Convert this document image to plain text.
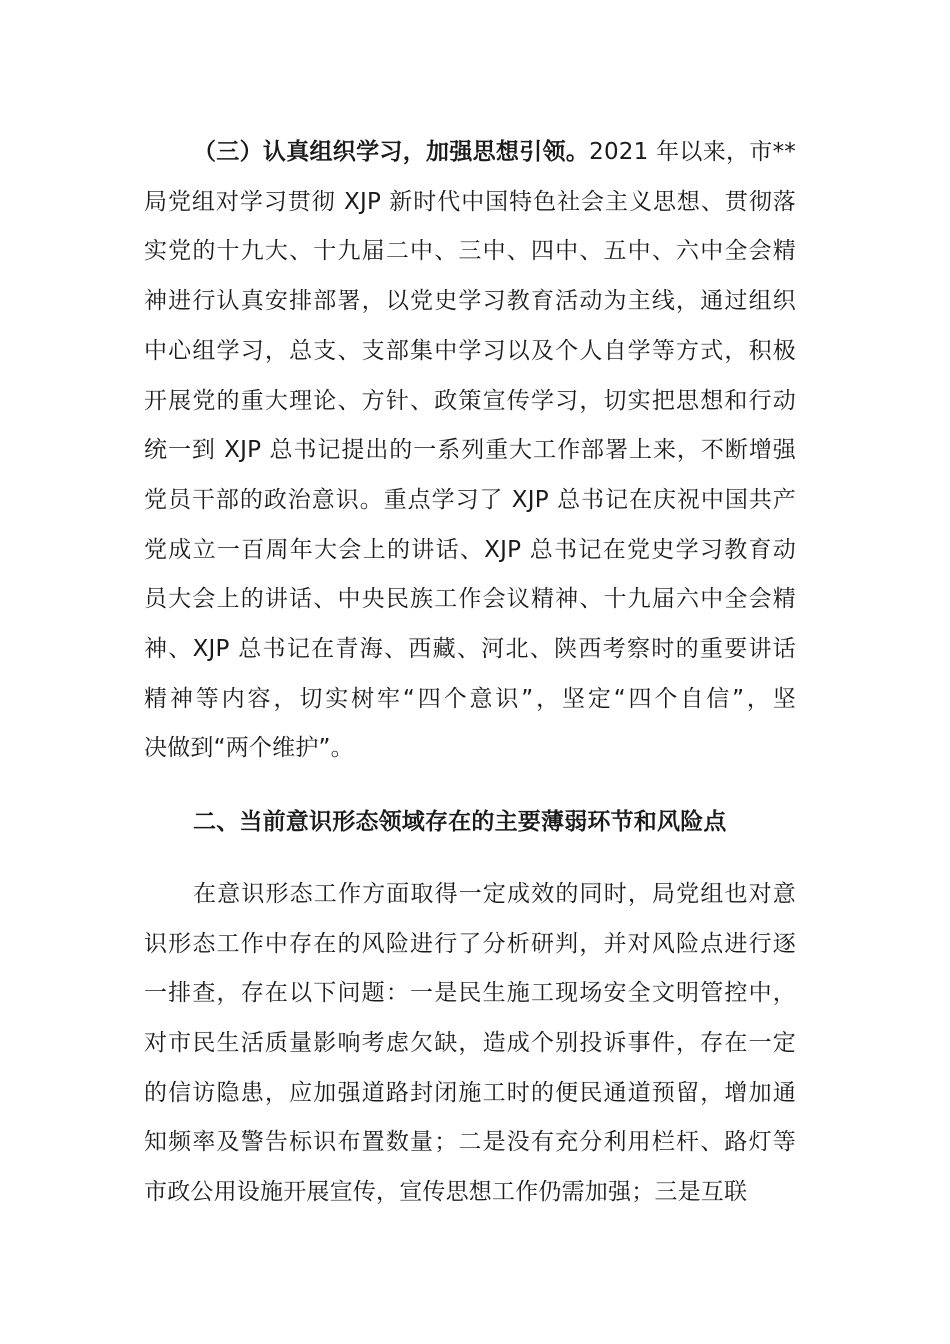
（三）认真组织学习，加强思想引领。2021 年以来，市**
局党组对学习贯彻 XJP 新时代中国特色社会主义思想、贯彻落
实党的十九大、十九届二中、三中、四中、五中、六中全会精
神进行认真安排部署，以党史学习教育活动为主线，通过组织
中心组学习，总支、支部集中学习以及个人自学等方式，积极
开展党的重大理论、方针、政策宣传学习，切实把思想和行动
统一到 XJP 总书记提出的一系列重大工作部署上来，不断增强
党员干部的政治意识。重点学习了 XJP 总书记在庆祝中国共产
党成立一百周年大会上的讲话、XJP 总书记在党史学习教育动
员大会上的讲话、中央民族工作会议精神、十九届六中全会精
神、XJP 总书记在青海、西藏、河北、陕西考察时的重要讲话
精神等内容，切实树牢“四个意识”，坚定“四个自信”，坚
决做到“两个维护”。
二、当前意识形态领域存在的主要薄弱环节和风险点
在意识形态工作方面取得一定成效的同时，局党组也对意
识形态工作中存在的风险进行了分析研判，并对风险点进行逐
一排查，存在以下问题：一是民生施工现场安全文明管控中，
对市民生活质量影响考虑欠缺，造成个别投诉事件，存在一定
的信访隐患，应加强道路封闭施工时的便民通道预留，增加通
知频率及警告标识布置数量；二是没有充分利用栏杆、路灯等
市政公用设施开展宣传，宣传思想工作仍需加强；三是互联
